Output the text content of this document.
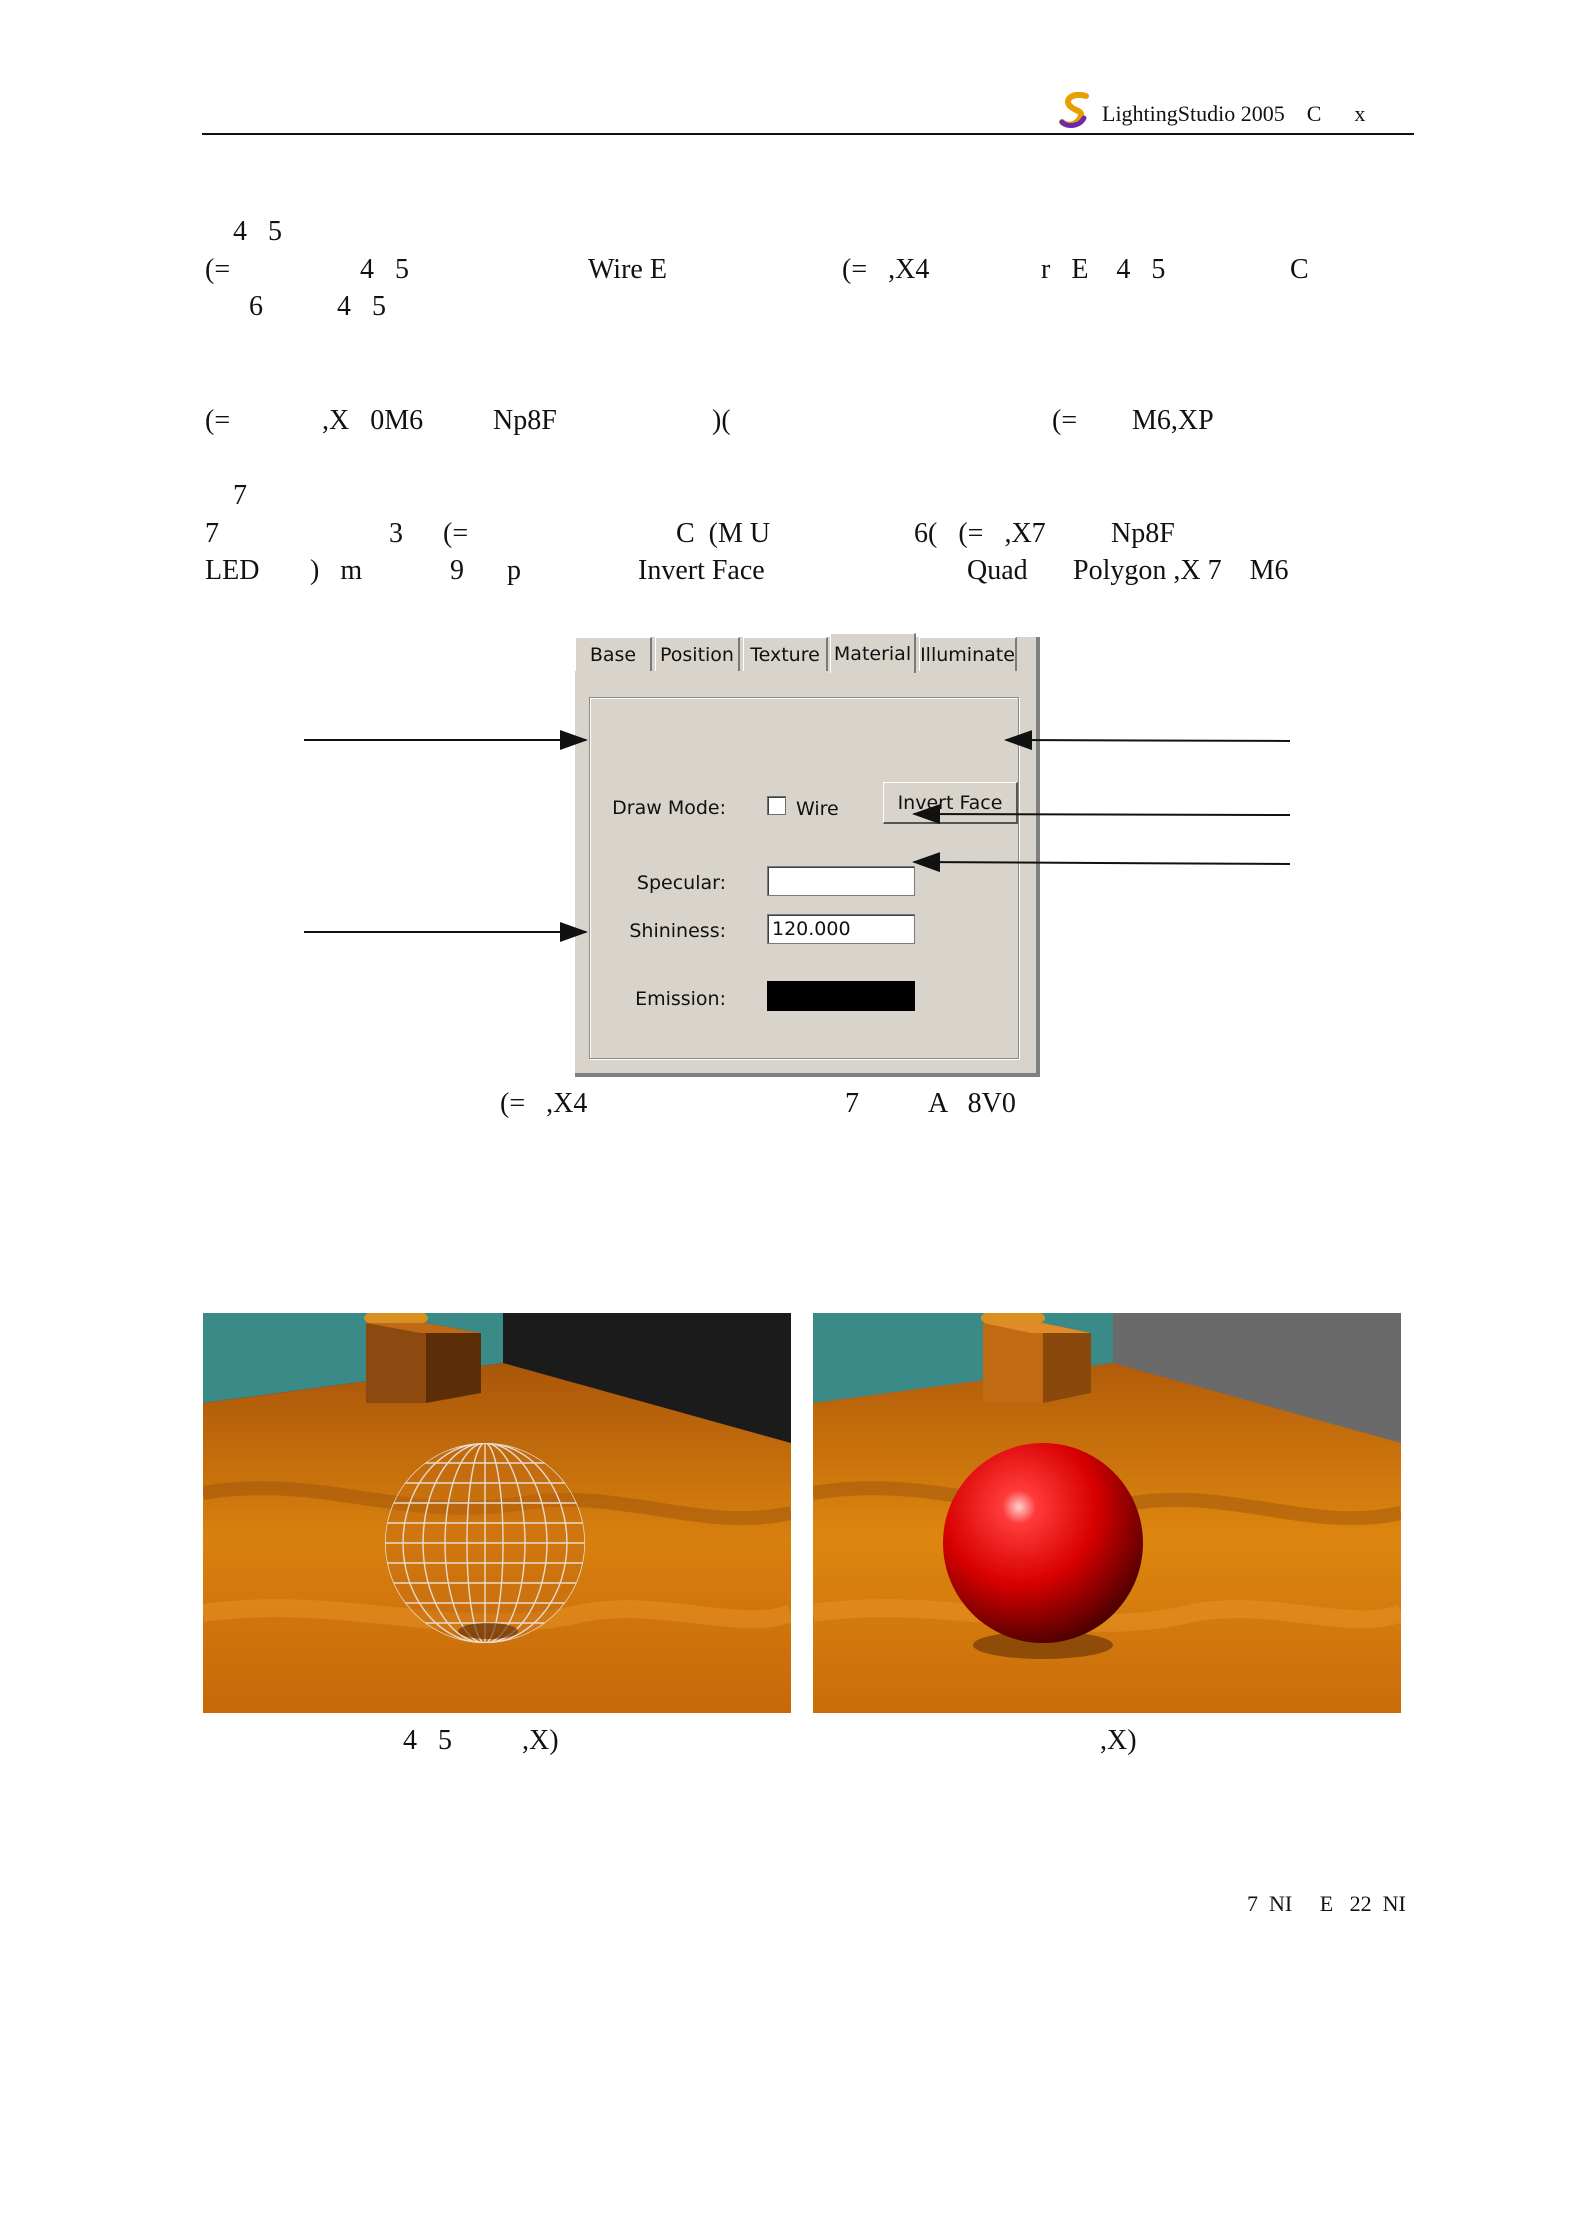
LightingStudio 2005    C      x
4   5
(=	4   5	Wire E	(=   ,X4	r   E    4   5	C
6	4   5
(=	,X   0M6 Np8F	)(	(= M6,XP
7
7	3 (=	C  (M U	6(   (=   ,X7 Np8F
LED )   m	9 p	Invert Face	Quad Polygon ,X 7    M6
Base	Position Texture Material Illuminate
Draw Mode:	Wire	Invert Face
Specular:
Shininess: 120.000
Emission:
(=   ,X4	7 A   8V0
4   5	,X)	,X)
7  NI     E   22  NI
